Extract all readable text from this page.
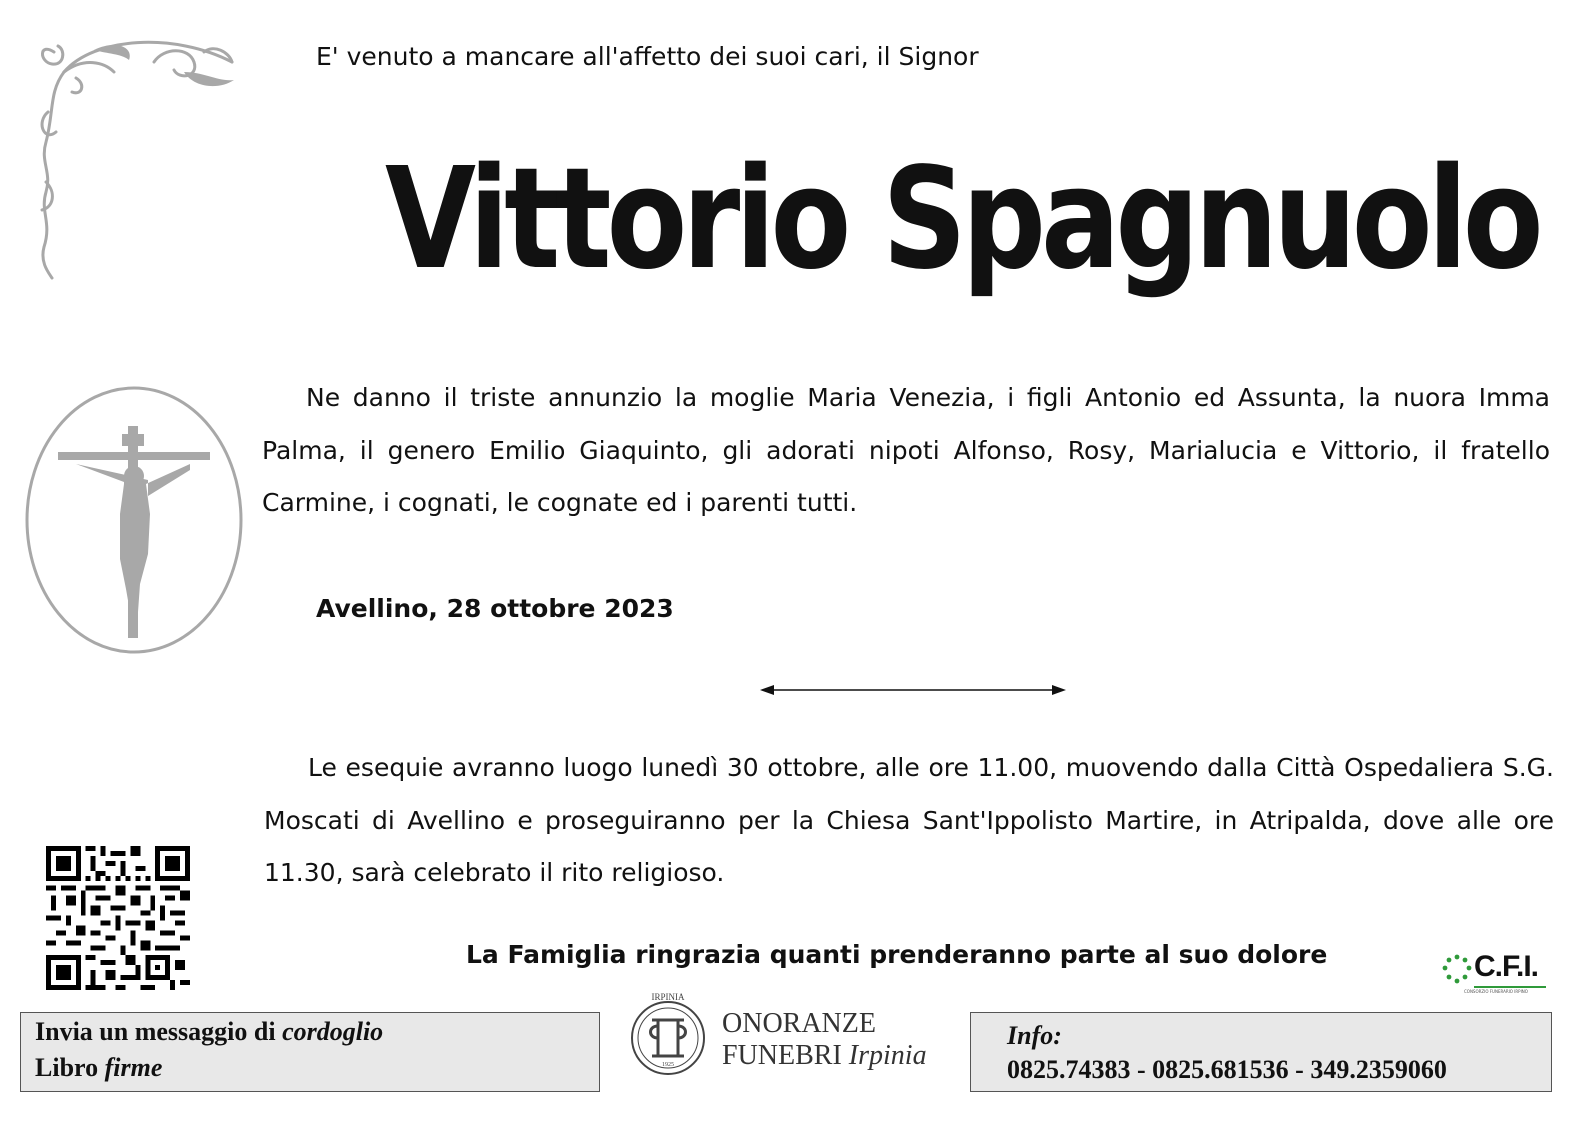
E' venuto a mancare all'affetto dei suoi cari, il Signor
Vittorio Spagnuolo

Ne danno il triste annunzio la moglie Maria Venezia, i figli Antonio ed Assunta, la nuora Imma Palma, il genero Emilio Giaquinto, gli adorati nipoti Alfonso, Rosy, Marialucia e Vittorio, il fratello Carmine, i cognati, le cognate ed i parenti tutti.

Avellino, 28 ottobre 2023

Le esequie avranno luogo lunedì 30 ottobre, alle ore 11.00, muovendo dalla Città Ospedaliera S.G. Moscati di Avellino e proseguiranno per la Chiesa Sant'Ippolisto Martire, in Atripalda, dove alle ore 11.30, sarà celebrato il rito religioso.

La Famiglia ringrazia quanti prenderanno parte al suo dolore	C.F.I.
CONSORZIO FUNERARIO IRPINO
Invia un messaggio di cordoglio
Libro firme
IRPINIA
1925
ONORANZE
FUNEBRI Irpinia
Info:
0825.74383 - 0825.681536 - 349.2359060
